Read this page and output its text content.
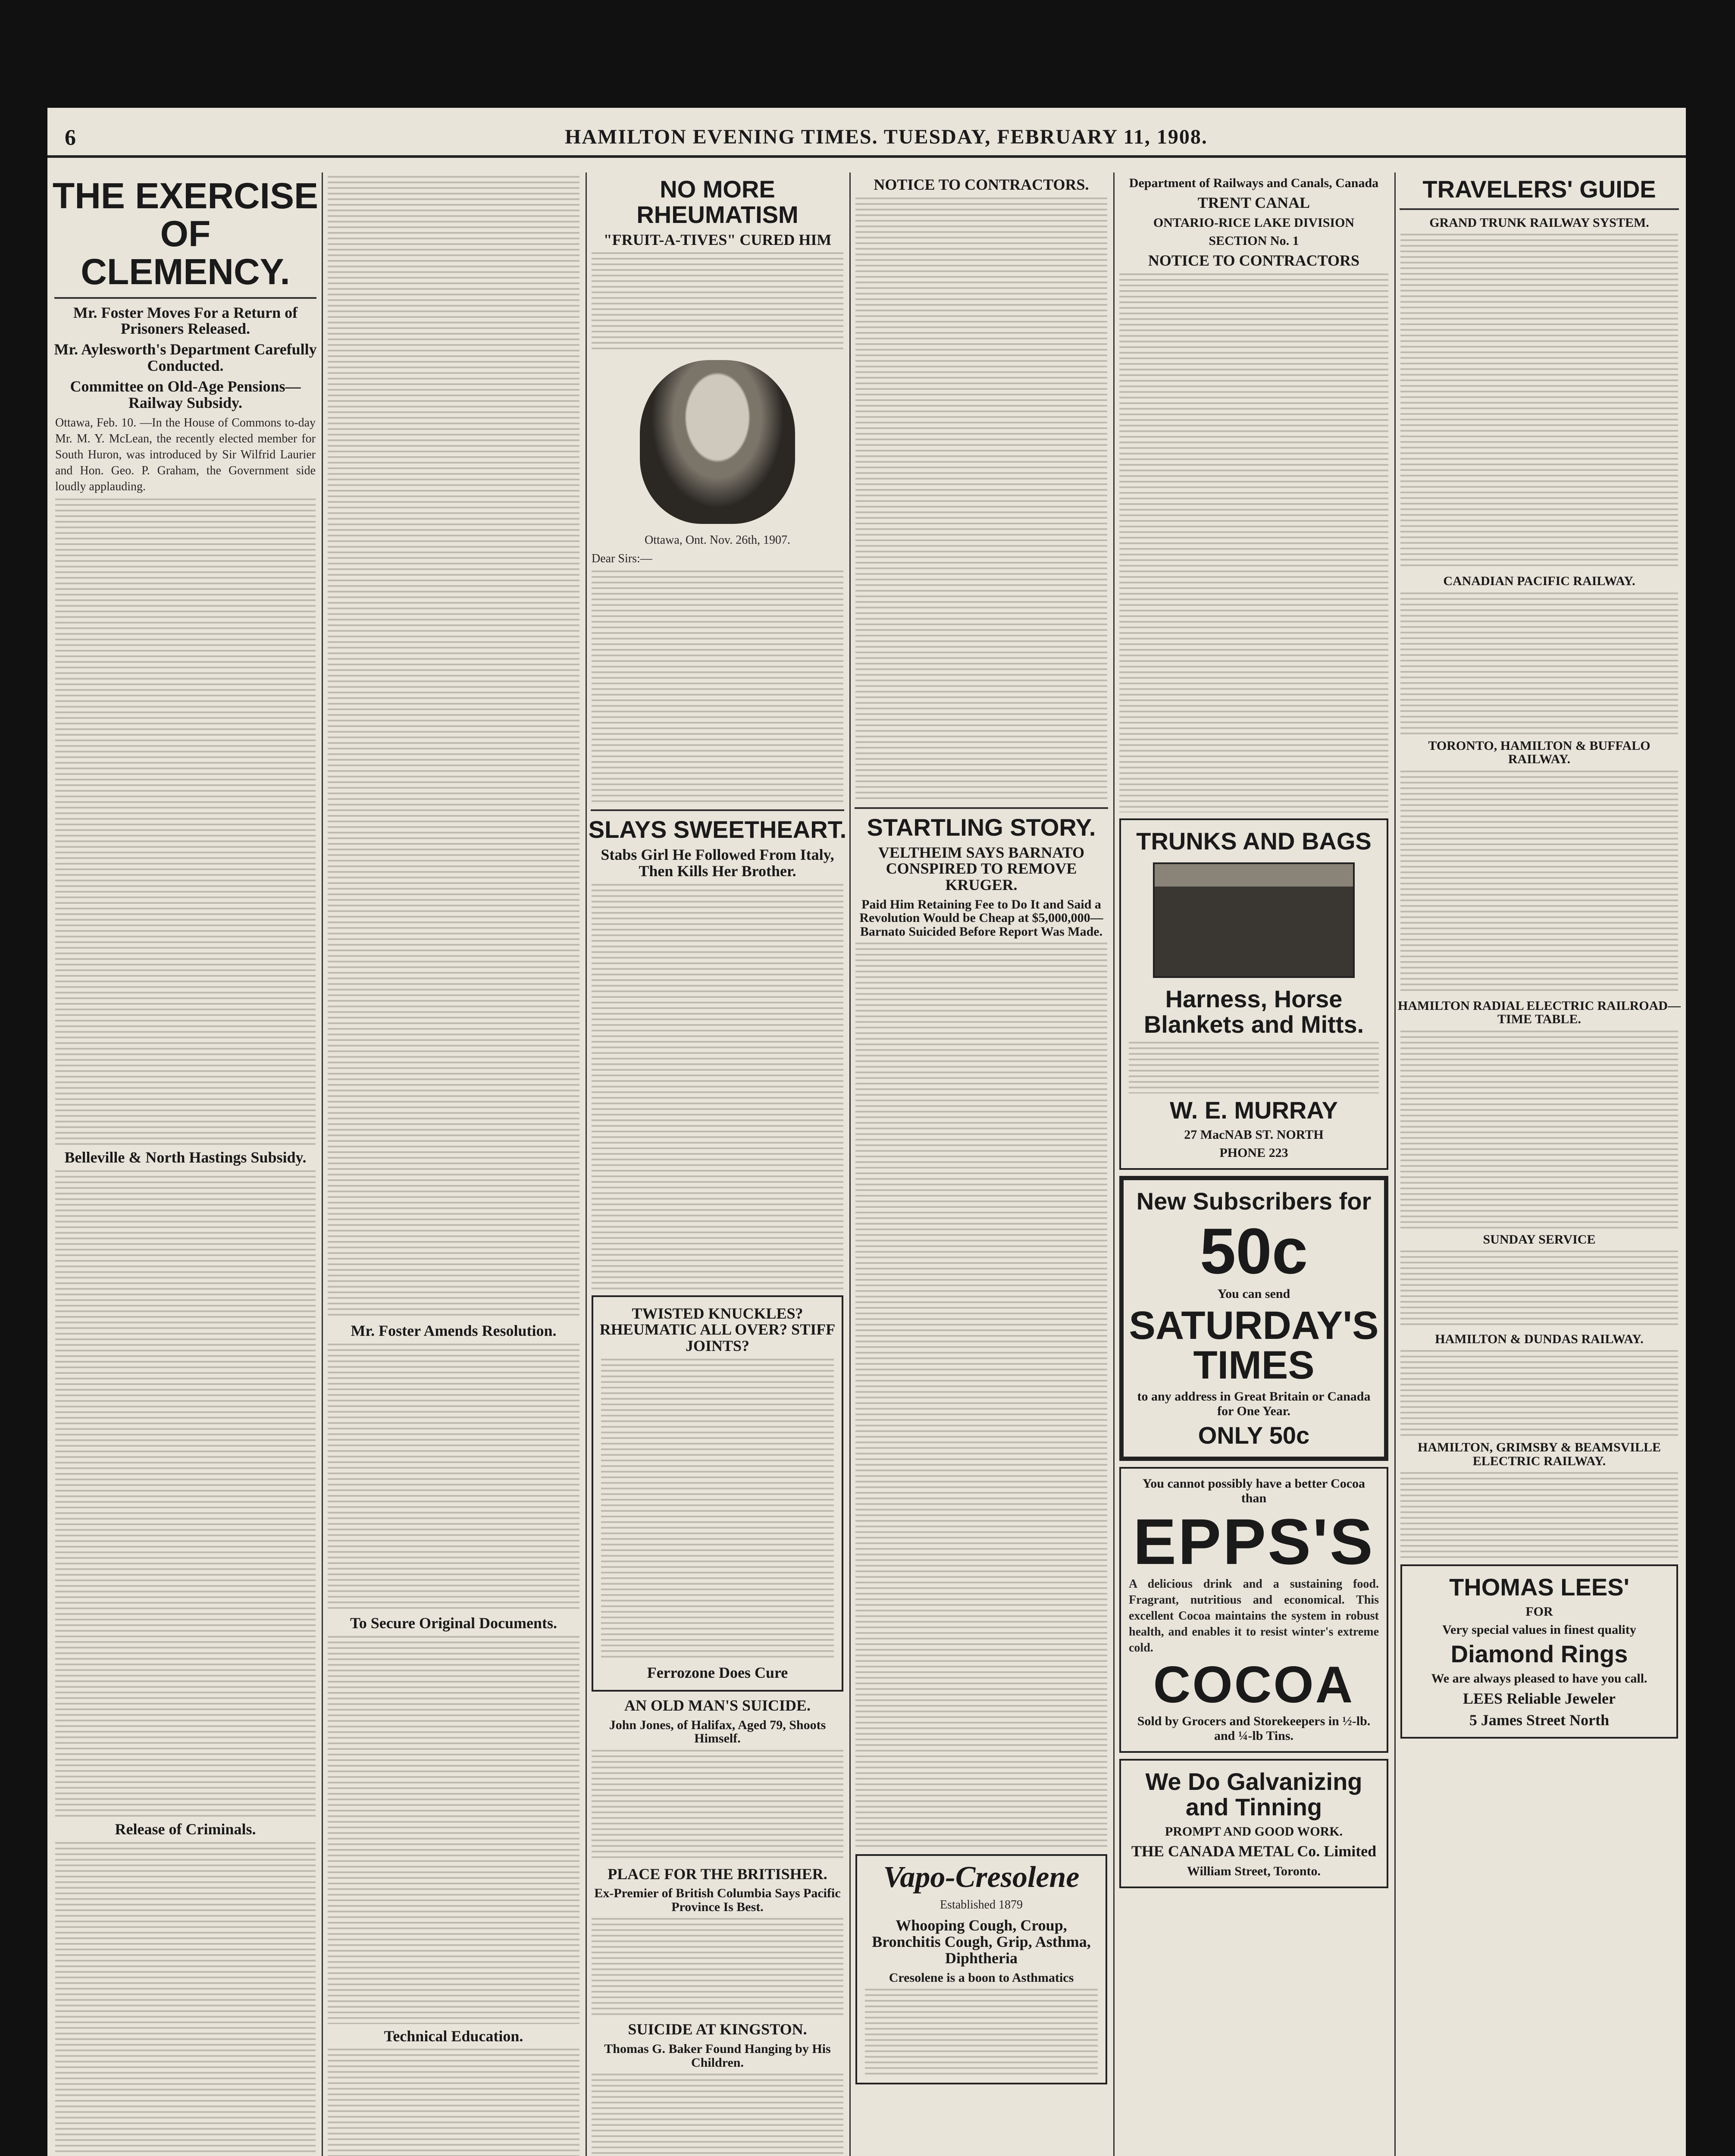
6	HAMILTON EVENING TIMES. TUESDAY, FEBRUARY 11, 1908.
THE EXERCISE OF CLEMENCY.
Mr. Foster Moves For a Return of Prisoners Released.
Mr. Aylesworth's Department Carefully Conducted.
Committee on Old-Age Pensions—Railway Subsidy.
Ottawa, Feb. 10. —In the House of Commons to-day Mr. M. Y. McLean, the recently elected member for South Huron, was introduced by Sir Wilfrid Laurier and Hon. Geo. P. Graham, the Government side loudly applauding.
Belleville & North Hastings Subsidy.
Release of Criminals.
Mr. Foster Amends Resolution.
To Secure Original Documents.
Technical Education.
NO MORE RHEUMATISM
"FRUIT-A-TIVES" CURED HIM
Ottawa, Ont. Nov. 26th, 1907.
Dear Sirs:—
SLAYS SWEETHEART.
Stabs Girl He Followed From Italy, Then Kills Her Brother.
TWISTED KNUCKLES? RHEUMATIC ALL OVER? STIFF JOINTS?
Ferrozone Does Cure
AN OLD MAN'S SUICIDE.
John Jones, of Halifax, Aged 79, Shoots Himself.
PLACE FOR THE BRITISHER.
Ex-Premier of British Columbia Says Pacific Province Is Best.
SUICIDE AT KINGSTON.
Thomas G. Baker Found Hanging by His Children.
NOTICE TO CONTRACTORS.
STARTLING STORY.
VELTHEIM SAYS BARNATO CONSPIRED TO REMOVE KRUGER.
Paid Him Retaining Fee to Do It and Said a Revolution Would be Cheap at $5,000,000—Barnato Suicided Before Report Was Made.
Vapo-Cresolene
Established 1879
Whooping Cough, Croup, Bronchitis Cough, Grip, Asthma, Diphtheria
Cresolene is a boon to Asthmatics
Department of Railways and Canals, Canada
TRENT CANAL
ONTARIO-RICE LAKE DIVISION
SECTION No. 1
NOTICE TO CONTRACTORS
TRUNKS AND BAGS
Harness, Horse Blankets and Mitts.
W. E. MURRAY
27 MacNAB ST. NORTH
PHONE 223
New Subscribers for
50c
You can send
SATURDAY'S TIMES
to any address in Great Britain or Canada for One Year.
ONLY 50c
You cannot possibly have a better Cocoa than
EPPS'S
A delicious drink and a sustaining food. Fragrant, nutritious and economical. This excellent Cocoa maintains the system in robust health, and enables it to resist winter's extreme cold.
COCOA
Sold by Grocers and Storekeepers in ½-lb. and ¼-lb Tins.
We Do Galvanizing and Tinning
PROMPT AND GOOD WORK.
THE CANADA METAL Co. Limited
William Street, Toronto.
TRAVELERS' GUIDE
GRAND TRUNK RAILWAY SYSTEM.
CANADIAN PACIFIC RAILWAY.
TORONTO, HAMILTON & BUFFALO RAILWAY.
HAMILTON RADIAL ELECTRIC RAILROAD—TIME TABLE.
SUNDAY SERVICE
HAMILTON & DUNDAS RAILWAY.
HAMILTON, GRIMSBY & BEAMSVILLE ELECTRIC RAILWAY.
THOMAS LEES'
FOR
Very special values in finest quality
Diamond Rings
We are always pleased to have you call.
LEES Reliable Jeweler
5 James Street North
